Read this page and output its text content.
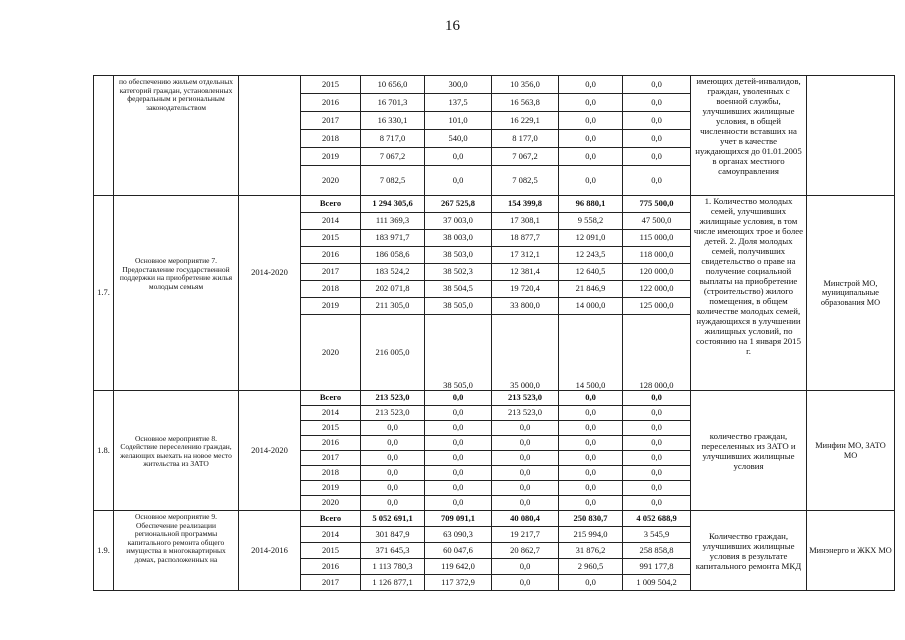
16
	по обеспечению жильем отдельных категорий граждан, установленных федеральным и региональным законодательством		2015	10 656,0	300,0	10 356,0	0,0	0,0	имеющих детей-инвалидов, граждан, уволенных с военной службы, улучшивших жилищные условия, в общей численности вставших на учет в качестве нуждающихся до 01.01.2005 в органах местного самоуправления	
			2016	16 701,3	137,5	16 563,8	0,0	0,0		
			2017	16 330,1	101,0	16 229,1	0,0	0,0		
			2018	8 717,0	540,0	8 177,0	0,0	0,0		
			2019	7 067,2	0,0	7 067,2	0,0	0,0		
			2020	7 082,5	0,0	7 082,5	0,0	0,0		
1.7.	Основное мероприятие 7. Предоставление государственной поддержки на приобретение жилья молодым семьям	2014-2020	Всего	1 294 305,6	267 525,8	154 399,8	96 880,1	775 500,0	1. Количество молодых семей, улучшивших жилищные условия, в том числе имеющих трое и более детей. 2. Доля молодых семей, получивших свидетельство о праве на получение социальной выплаты на приобретение (строительство) жилого помещения, в общем количестве молодых семей, нуждающихся в улучшении жилищных условий, по состоянию на 1 января 2015 г.	Минстрой МО, муниципальные образования МО
			2014	111 369,3	37 003,0	17 308,1	9 558,2	47 500,0		
			2015	183 971,7	38 003,0	18 877,7	12 091,0	115 000,0		
			2016	186 058,6	38 503,0	17 312,1	12 243,5	118 000,0		
			2017	183 524,2	38 502,3	12 381,4	12 640,5	120 000,0		
			2018	202 071,8	38 504,5	19 720,4	21 846,9	122 000,0		
			2019	211 305,0	38 505,0	33 800,0	14 000,0	125 000,0		
			2020	216 005,0	38 505,0	35 000,0	14 500,0	128 000,0		
1.8.	Основное мероприятие 8. Содействие переселению граждан, желающих выехать на новое место жительства из ЗАТО	2014-2020	Всего	213 523,0	0,0	213 523,0	0,0	0,0	количество граждан, переселенных из ЗАТО и улучшивших жилищные условия	Минфин МО, ЗАТО МО
			2014	213 523,0	0,0	213 523,0	0,0	0,0		
			2015	0,0	0,0	0,0	0,0	0,0		
			2016	0,0	0,0	0,0	0,0	0,0		
			2017	0,0	0,0	0,0	0,0	0,0		
			2018	0,0	0,0	0,0	0,0	0,0		
			2019	0,0	0,0	0,0	0,0	0,0		
			2020	0,0	0,0	0,0	0,0	0,0		
1.9.	Основное мероприятие 9. Обеспечение реализации региональной программы капитального ремонта общего имущества в многоквартирных домах, расположенных на	2014-2016	Всего	5 052 691,1	709 091,1	40 080,4	250 830,7	4 052 688,9	Количество граждан, улучшивших жилищные условия в результате капитального ремонта МКД	Минэнерго и ЖКХ МО
			2014	301 847,9	63 090,3	19 217,7	215 994,0	3 545,9		
			2015	371 645,3	60 047,6	20 862,7	31 876,2	258 858,8		
			2016	1 113 780,3	119 642,0	0,0	2 960,5	991 177,8		
			2017	1 126 877,1	117 372,9	0,0	0,0	1 009 504,2		
